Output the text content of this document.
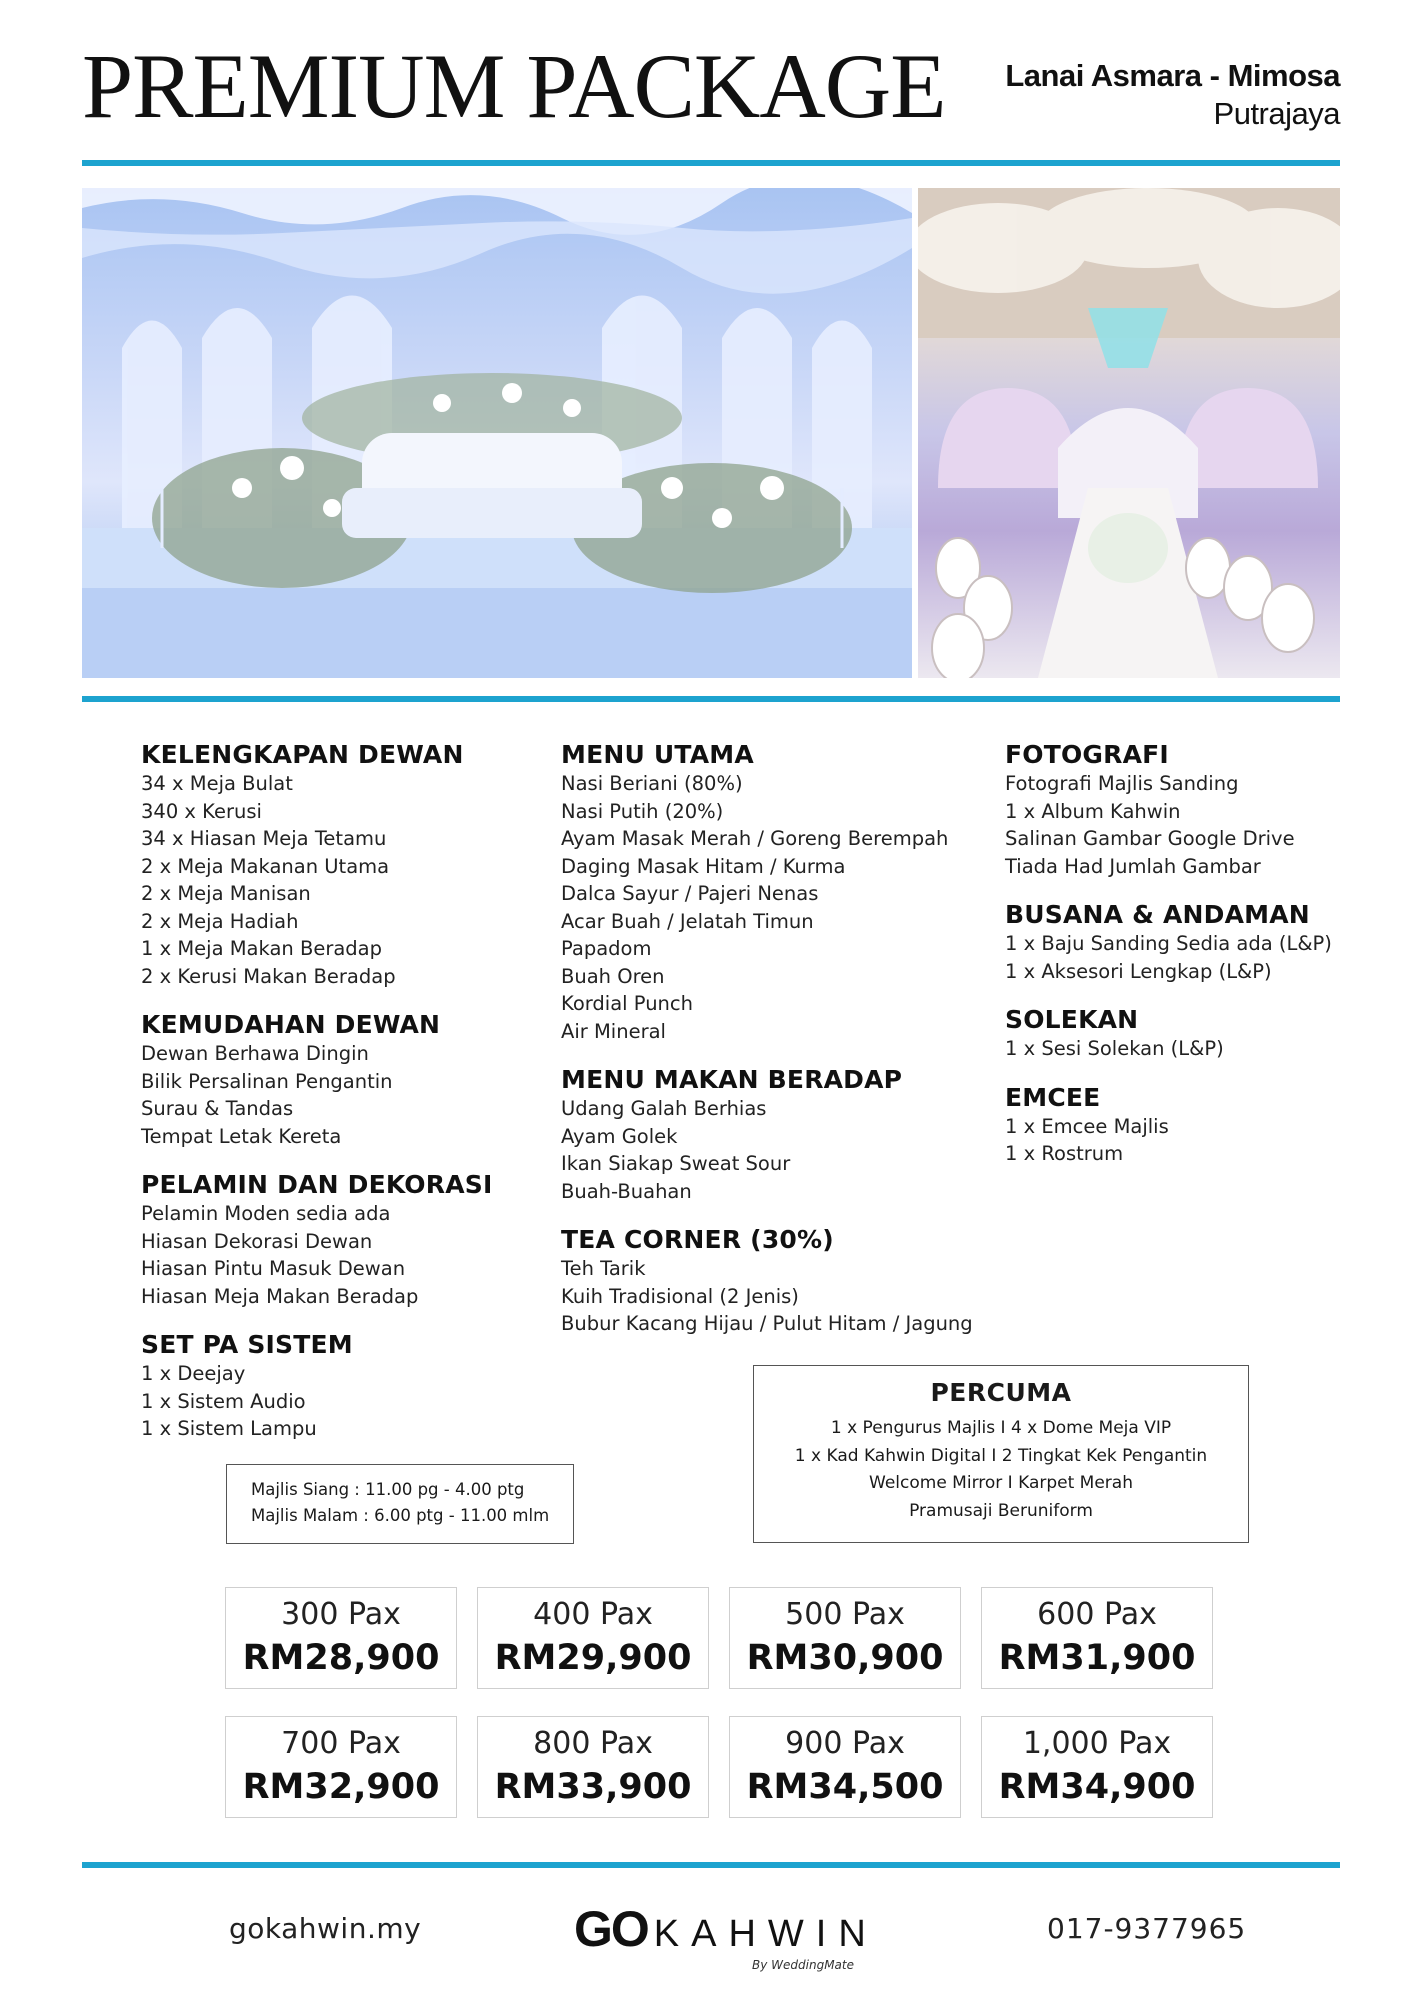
PREMIUM PACKAGE Lanai Asmara - Mimosa
Putrajaya
KELENGKAPAN DEWAN
34 x Meja Bulat
340 x Kerusi
34 x Hiasan Meja Tetamu
2 x Meja Makanan Utama
2 x Meja Manisan
2 x Meja Hadiah
1 x Meja Makan Beradap
2 x Kerusi Makan Beradap
KEMUDAHAN DEWAN
Dewan Berhawa Dingin
Bilik Persalinan Pengantin
Surau & Tandas
Tempat Letak Kereta
PELAMIN DAN DEKORASI
Pelamin Moden sedia ada
Hiasan Dekorasi Dewan
Hiasan Pintu Masuk Dewan
Hiasan Meja Makan Beradap
SET PA SISTEM
1 x Deejay
1 x Sistem Audio
1 x Sistem Lampu
MENU UTAMA
Nasi Beriani (80%)
Nasi Putih (20%)
Ayam Masak Merah / Goreng Berempah
Daging Masak Hitam / Kurma
Dalca Sayur / Pajeri Nenas
Acar Buah / Jelatah Timun
Papadom
Buah Oren
Kordial Punch
Air Mineral
MENU MAKAN BERADAP
Udang Galah Berhias
Ayam Golek
Ikan Siakap Sweat Sour
Buah-Buahan
TEA CORNER (30%)
Teh Tarik
Kuih Tradisional (2 Jenis)
Bubur Kacang Hijau / Pulut Hitam / Jagung
FOTOGRAFI
Fotografi Majlis Sanding
1 x Album Kahwin
Salinan Gambar Google Drive
Tiada Had Jumlah Gambar
BUSANA & ANDAMAN
1 x Baju Sanding Sedia ada (L&P)
1 x Aksesori Lengkap (L&P)
SOLEKAN
1 x Sesi Solekan (L&P)
EMCEE
1 x Emcee Majlis
1 x Rostrum
Majlis Siang : 11.00 pg - 4.00 ptg
Majlis Malam : 6.00 ptg - 11.00 mlm
PERCUMA
1 x Pengurus Majlis I 4 x Dome Meja VIP
1 x Kad Kahwin Digital I 2 Tingkat Kek Pengantin
Welcome Mirror I Karpet Merah
Pramusaji Beruniform
300 Pax
RM28,900
400 Pax
RM29,900
500 Pax
RM30,900
600 Pax
RM31,900
700 Pax
RM32,900
800 Pax
RM33,900
900 Pax
RM34,500
1,000 Pax
RM34,900
gokahwin.my	GO KAHWIN
By WeddingMate
017-9377965
